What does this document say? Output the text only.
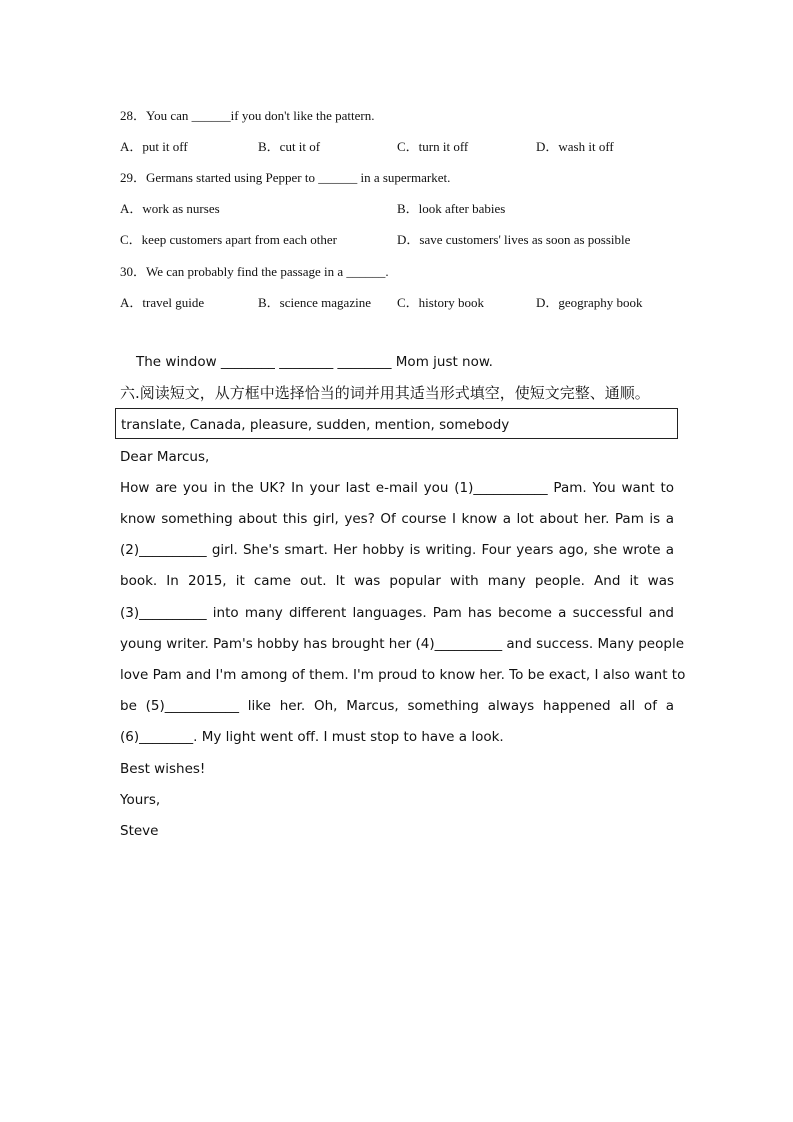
28．You can ______if you don't like the pattern.
A．put it off	B．cut it of	C．turn it off	D．wash it off
29．Germans started using Pepper to ______ in a supermarket.
A．work as nurses	B．look after babies
C．keep customers apart from each other	D．save customers' lives as soon as possible
30．We can probably find the passage in a ______.
A．travel guide	B．science magazine C．history book	D．geography book
The window ________ ________ ________ Mom just now.
六.阅读短文，从方框中选择恰当的词并用其适当形式填空，使短文完整、通顺。
translate, Canada, pleasure, sudden, mention, somebody
Dear Marcus,
How are you in the UK? In your last e-mail you (1)___________ Pam. You want to
know something about this girl, yes? Of course I know a lot about her. Pam is a
(2)__________ girl. She's smart. Her hobby is writing. Four years ago, she wrote a
book. In 2015, it came out. It was popular with many people. And it was
(3)__________ into many different languages. Pam has become a successful and
young writer. Pam's hobby has brought her (4)__________ and success. Many people
love Pam and I'm among of them. I'm proud to know her. To be exact, I also want to
be (5)___________ like her. Oh, Marcus, something always happened all of a
(6)________. My light went off. I must stop to have a look.
Best wishes!
Yours,
Steve
